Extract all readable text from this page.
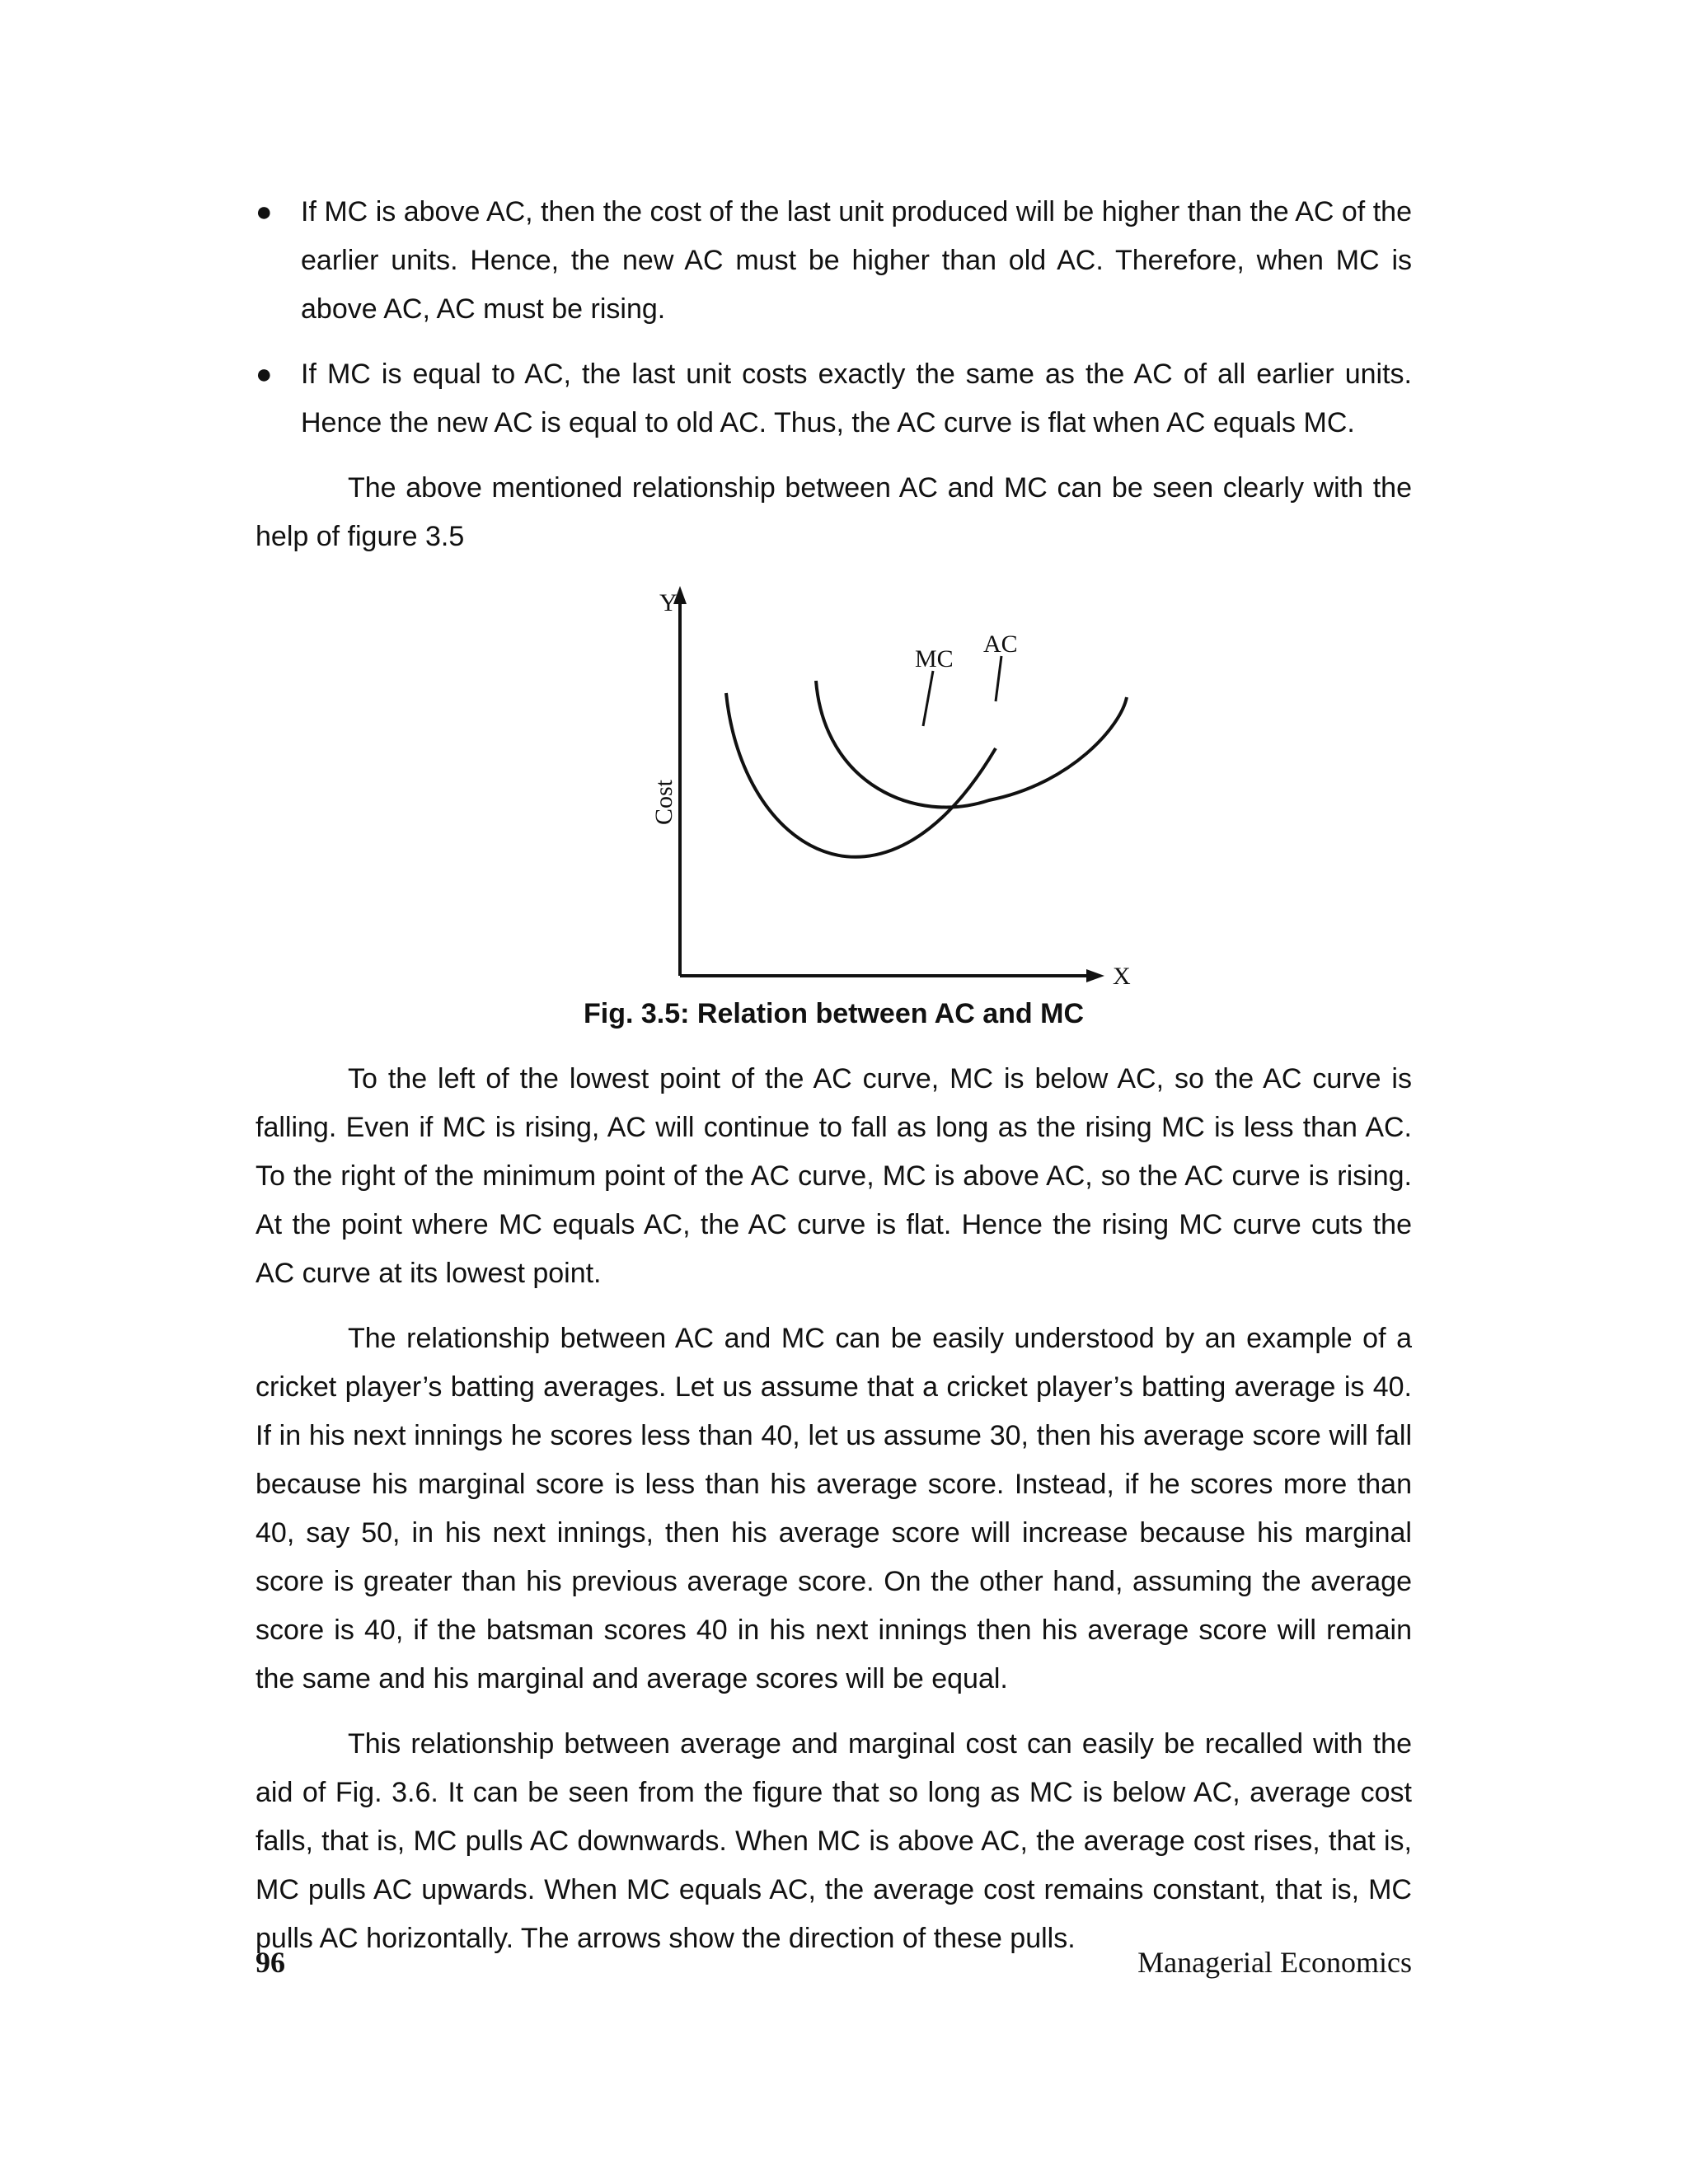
● If MC is above AC, then the cost of the last unit produced will be higher than the AC of the earlier units. Hence, the new AC must be higher than old AC. Therefore, when MC is above AC, AC must be rising.
● If MC is equal to AC, the last unit costs exactly the same as the AC of all earlier units. Hence the new AC is equal to old AC. Thus, the AC curve is flat when AC equals MC.

The above mentioned relationship between AC and MC can be seen clearly with the help of figure 3.5

Y
X
Cost
MC
AC

Fig. 3.5: Relation between AC and MC

To the left of the lowest point of the AC curve, MC is below AC, so the AC curve is falling. Even if MC is rising, AC will continue to fall as long as the rising MC is less than AC. To the right of the minimum point of the AC curve, MC is above AC, so the AC curve is rising. At the point where MC equals AC, the AC curve is flat. Hence the rising MC curve cuts the AC curve at its lowest point.

The relationship between AC and MC can be easily understood by an example of a cricket player’s batting averages. Let us assume that a cricket player’s batting average is 40. If in his next innings he scores less than 40, let us assume 30, then his average score will fall because his marginal score is less than his average score. Instead, if he scores more than 40, say 50, in his next innings, then his average score will increase because his marginal score is greater than his previous average score. On the other hand, assuming the average score is 40, if the batsman scores 40 in his next innings then his average score will remain the same and his marginal and average scores will be equal.

This relationship between average and marginal cost can easily be recalled with the aid of Fig. 3.6. It can be seen from the figure that so long as MC is below AC, average cost falls, that is, MC pulls AC downwards. When MC is above AC, the average cost rises, that is, MC pulls AC upwards. When MC equals AC, the average cost remains constant, that is, MC pulls AC horizontally. The arrows show the direction of these pulls.

96	Managerial Economics
